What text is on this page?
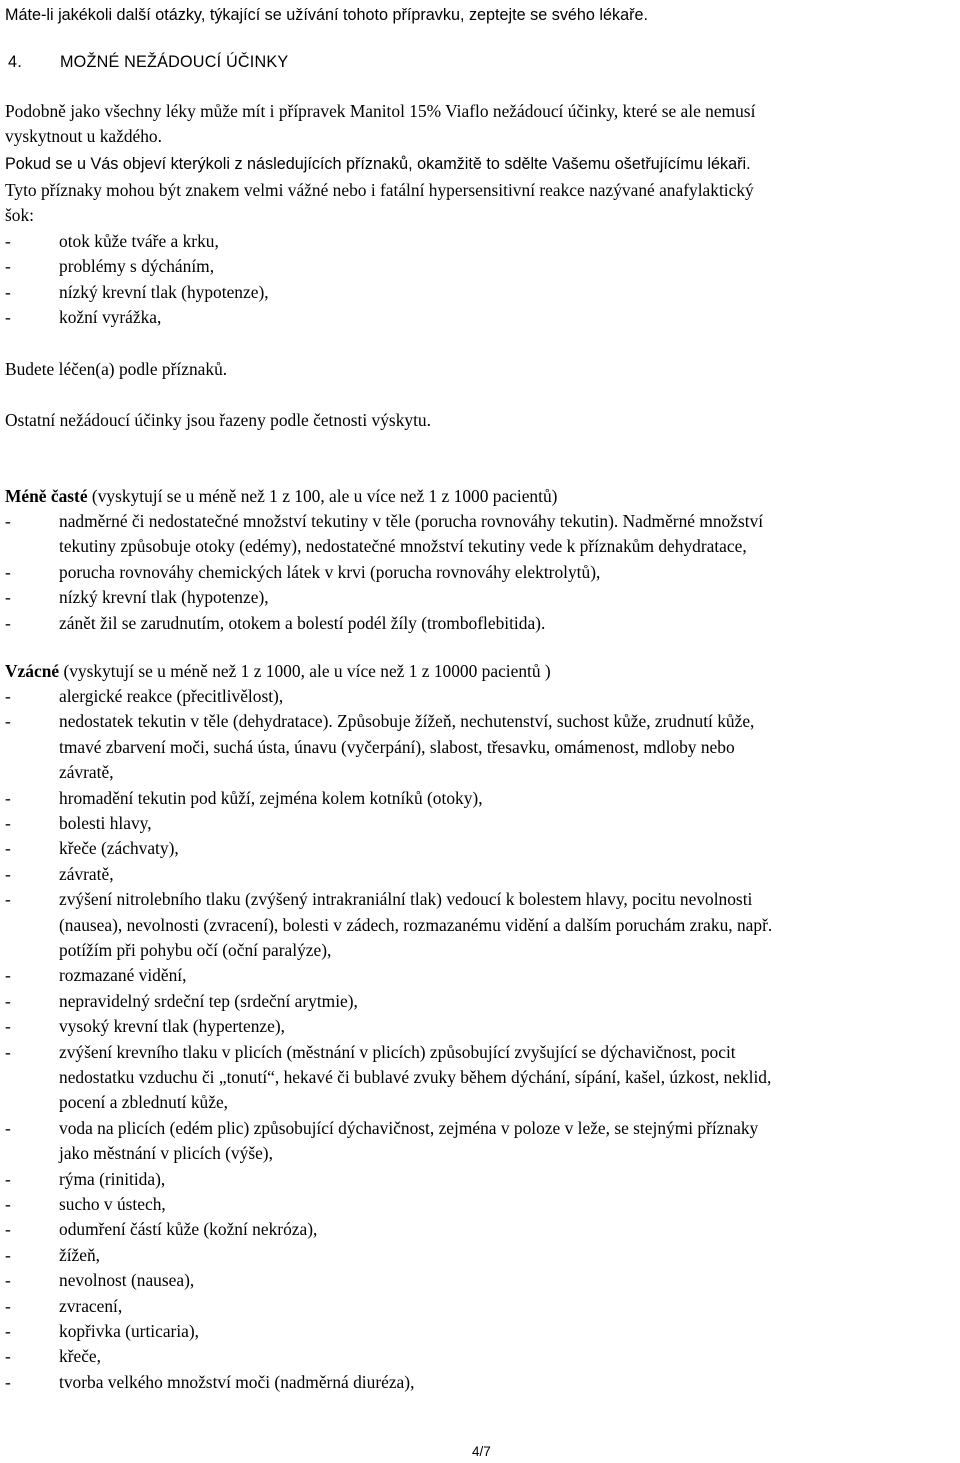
Máte-li jakékoli další otázky, týkající se užívání tohoto přípravku, zeptejte se svého lékaře.
4. MOŽNÉ NEŽÁDOUCÍ ÚČINKY
Podobně jako všechny léky může mít i přípravek Manitol 15% Viaflo nežádoucí účinky, které se ale nemusí
vyskytnout u každého.
Pokud se u Vás objeví kterýkoli z následujících příznaků, okamžitě to sdělte Vašemu ošetřujícímu lékaři.
Tyto příznaky mohou být znakem velmi vážné nebo i fatální hypersensitivní reakce nazývané anafylaktický
šok:
-	otok kůže tváře a krku,
-	problémy s dýcháním,
-	nízký krevní tlak (hypotenze),
-	kožní vyrážka,
Budete léčen(a) podle příznaků.
Ostatní nežádoucí účinky jsou řazeny podle četnosti výskytu.
Méně časté (vyskytují se u méně než 1 z 100, ale u více než 1 z 1000 pacientů)
-	nadměrné či nedostatečné množství tekutiny v těle (porucha rovnováhy tekutin). Nadměrné množství
tekutiny způsobuje otoky (edémy), nedostatečné množství tekutiny vede k příznakům dehydratace,
-	porucha rovnováhy chemických látek v krvi (porucha rovnováhy elektrolytů),
-	nízký krevní tlak (hypotenze),
-	zánět žil se zarudnutím, otokem a bolestí podél žíly (tromboflebitida).
Vzácné (vyskytují se u méně než 1 z 1000, ale u více než 1 z 10000 pacientů )
-	alergické reakce (přecitlivělost),
-	nedostatek tekutin v těle (dehydratace). Způsobuje žížeň, nechutenství, suchost kůže, zrudnutí kůže,
tmavé zbarvení moči, suchá ústa, únavu (vyčerpání), slabost, třesavku, omámenost, mdloby nebo
závratě,
-	hromadění tekutin pod kůží, zejména kolem kotníků (otoky),
-	bolesti hlavy,
-	křeče (záchvaty),
-	závratě,
-	zvýšení nitrolebního tlaku (zvýšený intrakraniální tlak) vedoucí k bolestem hlavy, pocitu nevolnosti
(nausea), nevolnosti (zvracení), bolesti v zádech, rozmazanému vidění a dalším poruchám zraku, např.
potížím při pohybu očí (oční paralýze),
-	rozmazané vidění,
-	nepravidelný srdeční tep (srdeční arytmie),
-	vysoký krevní tlak (hypertenze),
-	zvýšení krevního tlaku v plicích (městnání v plicích) způsobující zvyšující se dýchavičnost, pocit
nedostatku vzduchu či „tonutí“, hekavé či bublavé zvuky během dýchání, sípání, kašel, úzkost, neklid,
pocení a zblednutí kůže,
-	voda na plicích (edém plic) způsobující dýchavičnost, zejména v poloze v leže, se stejnými příznaky
jako městnání v plicích (výše),
-	rýma (rinitida),
-	sucho v ústech,
-	odumření částí kůže (kožní nekróza),
-	žížeň,
-	nevolnost (nausea),
-	zvracení,
-	kopřivka (urticaria),
-	křeče,
-	tvorba velkého množství moči (nadměrná diuréza),
4/7
